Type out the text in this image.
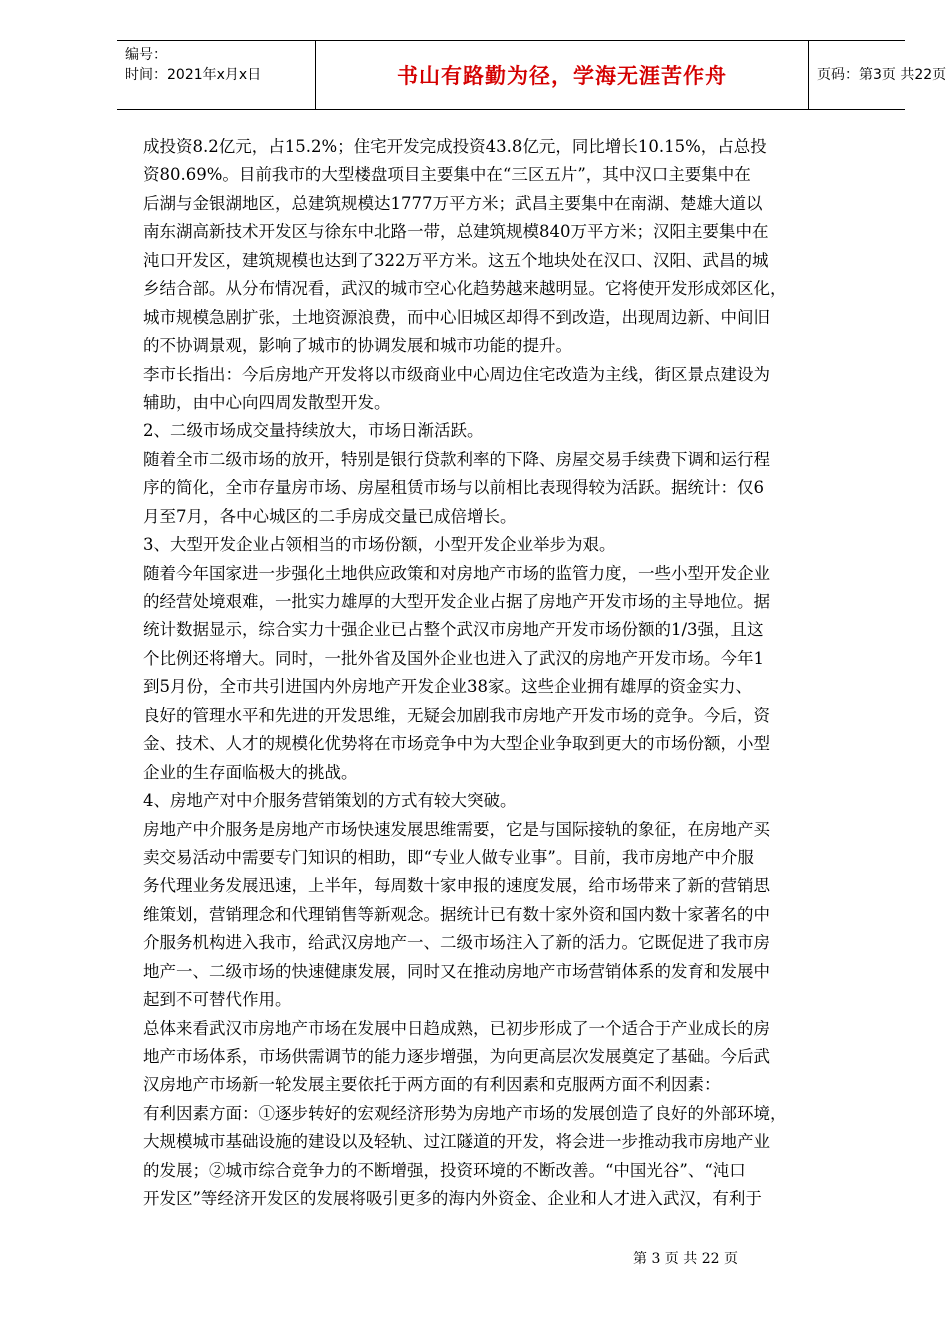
编号：
时间：2021年x月x日	书山有路勤为径，学海无涯苦作舟	页码：第3页 共22页
成投资8.2亿元，占15.2%；住宅开发完成投资43.8亿元，同比增长10.15%，占总投
资80.69%。目前我市的大型楼盘项目主要集中在“三区五片”，其中汉口主要集中在
后湖与金银湖地区，总建筑规模达1777万平方米；武昌主要集中在南湖、楚雄大道以
南东湖高新技术开发区与徐东中北路一带，总建筑规模840万平方米；汉阳主要集中在
沌口开发区，建筑规模也达到了322万平方米。这五个地块处在汉口、汉阳、武昌的城
乡结合部。从分布情况看，武汉的城市空心化趋势越来越明显。它将使开发形成郊区化，
城市规模急剧扩张，土地资源浪费，而中心旧城区却得不到改造，出现周边新、中间旧
的不协调景观，影响了城市的协调发展和城市功能的提升。
李市长指出：今后房地产开发将以市级商业中心周边住宅改造为主线，街区景点建设为
辅助，由中心向四周发散型开发。
2、二级市场成交量持续放大，市场日渐活跃。
随着全市二级市场的放开，特别是银行贷款利率的下降、房屋交易手续费下调和运行程
序的简化，全市存量房市场、房屋租赁市场与以前相比表现得较为活跃。据统计：仅6
月至7月，各中心城区的二手房成交量已成倍增长。
3、大型开发企业占领相当的市场份额，小型开发企业举步为艰。
随着今年国家进一步强化土地供应政策和对房地产市场的监管力度，一些小型开发企业
的经营处境艰难，一批实力雄厚的大型开发企业占据了房地产开发市场的主导地位。据
统计数据显示，综合实力十强企业已占整个武汉市房地产开发市场份额的1/3强，且这
个比例还将增大。同时，一批外省及国外企业也进入了武汉的房地产开发市场。今年1
到5月份，全市共引进国内外房地产开发企业38家。这些企业拥有雄厚的资金实力、
良好的管理水平和先进的开发思维，无疑会加剧我市房地产开发市场的竞争。今后，资
金、技术、人才的规模化优势将在市场竞争中为大型企业争取到更大的市场份额，小型
企业的生存面临极大的挑战。
4、房地产对中介服务营销策划的方式有较大突破。
房地产中介服务是房地产市场快速发展思维需要，它是与国际接轨的象征，在房地产买
卖交易活动中需要专门知识的相助，即“专业人做专业事”。目前，我市房地产中介服
务代理业务发展迅速，上半年，每周数十家申报的速度发展，给市场带来了新的营销思
维策划，营销理念和代理销售等新观念。据统计已有数十家外资和国内数十家著名的中
介服务机构进入我市，给武汉房地产一、二级市场注入了新的活力。它既促进了我市房
地产一、二级市场的快速健康发展，同时又在推动房地产市场营销体系的发育和发展中
起到不可替代作用。
总体来看武汉市房地产市场在发展中日趋成熟，已初步形成了一个适合于产业成长的房
地产市场体系，市场供需调节的能力逐步增强，为向更高层次发展奠定了基础。今后武
汉房地产市场新一轮发展主要依托于两方面的有利因素和克服两方面不利因素：
有利因素方面：①逐步转好的宏观经济形势为房地产市场的发展创造了良好的外部环境，
大规模城市基础设施的建设以及轻轨、过江隧道的开发，将会进一步推动我市房地产业
的发展；②城市综合竞争力的不断增强，投资环境的不断改善。“中国光谷”、“沌口
开发区”等经济开发区的发展将吸引更多的海内外资金、企业和人才进入武汉，有利于
第 3 页 共 22 页
